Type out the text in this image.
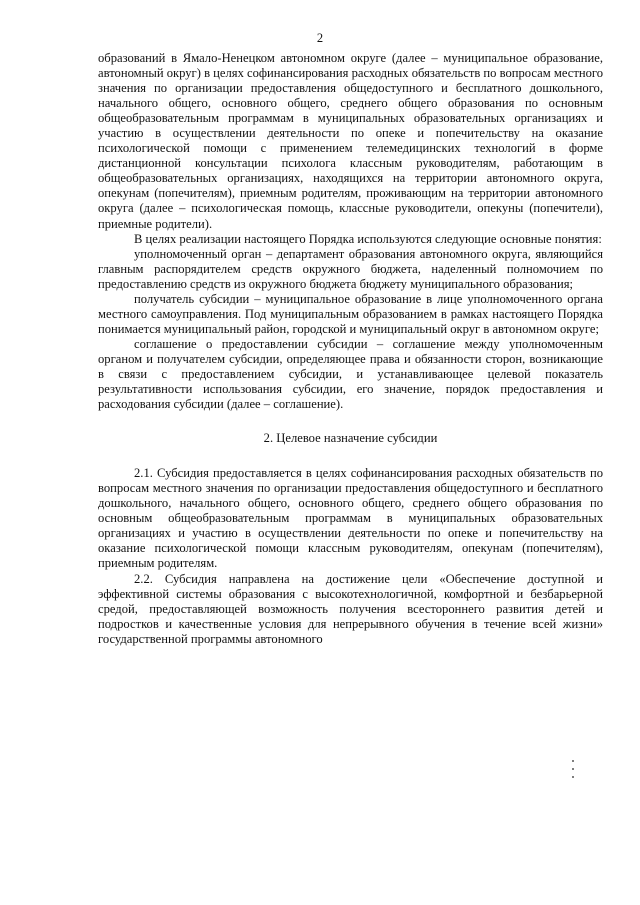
2

образований в Ямало-Ненецком автономном округе (далее – муниципальное образование, автономный округ) в целях софинансирования расходных обязательств по вопросам местного значения по организации предоставления общедоступного и бесплатного дошкольного, начального общего, основного общего, среднего общего образования по основным общеобразовательным программам в муниципальных образовательных организациях и участию в осуществлении деятельности по опеке и попечительству на оказание психологической помощи с применением телемедицинских технологий в форме дистанционной консультации психолога классным руководителям, работающим в общеобразовательных организациях, находящихся на территории автономного округа, опекунам (попечителям), приемным родителям, проживающим на территории автономного округа (далее – психологическая помощь, классные руководители, опекуны (попечители), приемные родители).

В целях реализации настоящего Порядка используются следующие основные понятия:

уполномоченный орган – департамент образования автономного округа, являющийся главным распорядителем средств окружного бюджета, наделенный полномочием по предоставлению средств из окружного бюджета бюджету муниципального образования;

получатель субсидии – муниципальное образование в лице уполномоченного органа местного самоуправления. Под муниципальным образованием в рамках настоящего Порядка понимается муниципальный район, городской и муниципальный округ в автономном округе;

соглашение о предоставлении субсидии – соглашение между уполномоченным органом и получателем субсидии, определяющее права и обязанности сторон, возникающие в связи с предоставлением субсидии, и устанавливающее целевой показатель результативности использования субсидии, его значение, порядок предоставления и расходования субсидии (далее – соглашение).

2. Целевое назначение субсидии

2.1. Субсидия предоставляется в целях софинансирования расходных обязательств по вопросам местного значения по организации предоставления общедоступного и бесплатного дошкольного, начального общего, основного общего, среднего общего образования по основным общеобразовательным программам в муниципальных образовательных организациях и участию в осуществлении деятельности по опеке и попечительству на оказание психологической помощи классным руководителям, опекунам (попечителям), приемным родителям.

2.2. Субсидия направлена на достижение цели «Обеспечение доступной и эффективной системы образования с высокотехнологичной, комфортной и безбарьерной средой, предоставляющей возможность получения всестороннего развития детей и подростков и качественные условия для непрерывного обучения в течение всей жизни» государственной программы автономного
